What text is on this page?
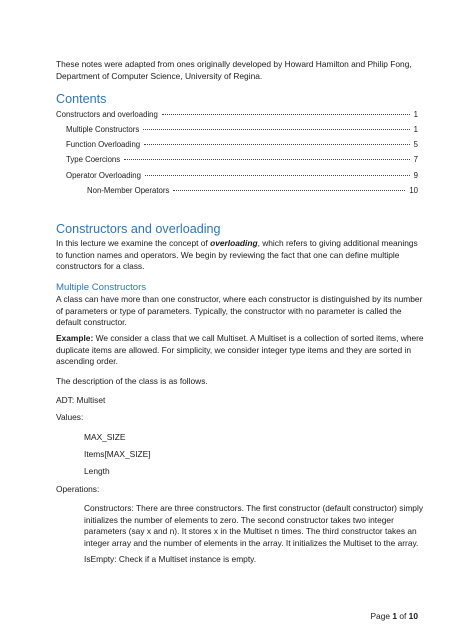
These notes were adapted from ones originally developed by Howard Hamilton and Philip Fong, Department of Computer Science, University of Regina.
Contents
Constructors and overloading	1
Multiple Constructors	1
Function Overloading	5
Type Coercions	7
Operator Overloading	9
Non-Member Operators	10
Constructors and overloading
In this lecture we examine the concept of overloading, which refers to giving additional meanings to function names and operators. We begin by reviewing the fact that one can define multiple constructors for a class.
Multiple Constructors
A class can have more than one constructor, where each constructor is distinguished by its number of parameters or type of parameters. Typically, the constructor with no parameter is called the default constructor.
Example: We consider a class that we call Multiset. A Multiset is a collection of sorted items, where duplicate items are allowed. For simplicity, we consider integer type items and they are sorted in ascending order.
The description of the class is as follows.
ADT: Multiset
Values:
MAX_SIZE
Items[MAX_SIZE]
Length
Operations:
Constructors: There are three constructors. The first constructor (default constructor) simply initializes the number of elements to zero. The second constructor takes two integer parameters (say x and n). It stores x in the Multiset n times. The third constructor takes an integer array and the number of elements in the array. It initializes the Multiset to the array.
IsEmpty: Check if a Multiset instance is empty.
Page 1 of 10
